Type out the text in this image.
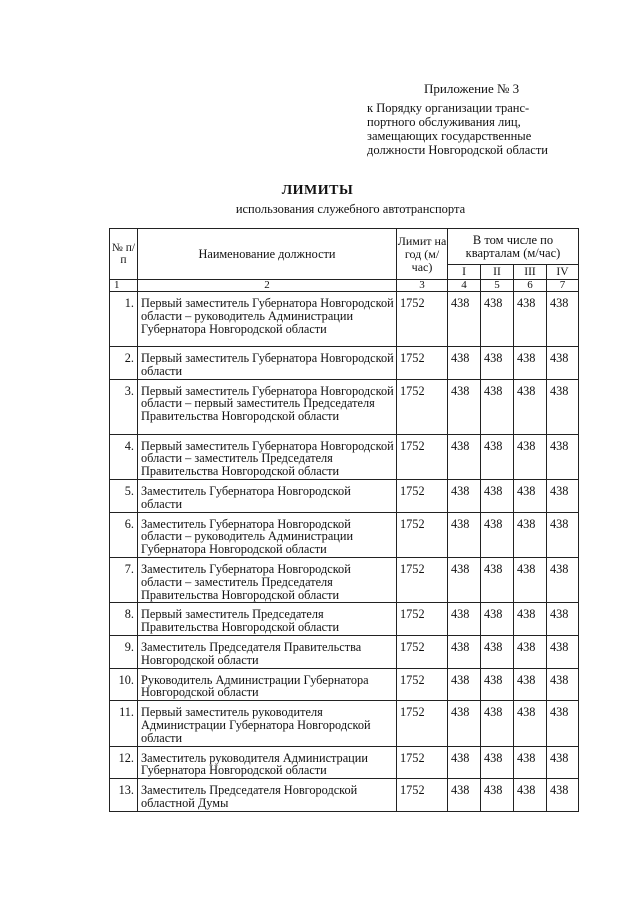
Приложение № 3
к Порядку организации транс-
портного обслуживания лиц,
замещающих государственные
должности Новгородской области
ЛИМИТЫ
использования служебного автотранспорта
№ п/п	Наименование должности	Лимит на год (м/час)	В том числе по кварталам (м/час)			
			I	II	III	IV
1	2	3	4	5	6	7
1.	Первый заместитель Губернатора Новгородской области – руководитель Администрации Губернатора Новгородской области	1752	438	438	438	438
2.	Первый заместитель Губернатора Новгородской области	1752	438	438	438	438
3.	Первый заместитель Губернатора Новгородской области – первый заместитель Председателя Правительства Новгородской области	1752	438	438	438	438
4.	Первый заместитель Губернатора Новгородской области – заместитель Председателя Правительства Новгородской области	1752	438	438	438	438
5.	Заместитель Губернатора Новгородской области	1752	438	438	438	438
6.	Заместитель Губернатора Новгородской области – руководитель Администрации Губернатора Новгородской области	1752	438	438	438	438
7.	Заместитель Губернатора Новгородской области – заместитель Председателя Правительства Новгородской области	1752	438	438	438	438
8.	Первый заместитель Председателя Правительства Новгородской области	1752	438	438	438	438
9.	Заместитель Председателя Правительства Новгородской области	1752	438	438	438	438
10.	Руководитель Администрации Губернатора Новгородской области	1752	438	438	438	438
11.	Первый заместитель руководителя Администрации Губернатора Новгородской области	1752	438	438	438	438
12.	Заместитель руководителя Администрации Губернатора Новгородской области	1752	438	438	438	438
13.	Заместитель Председателя Новгородской областной Думы	1752	438	438	438	438
